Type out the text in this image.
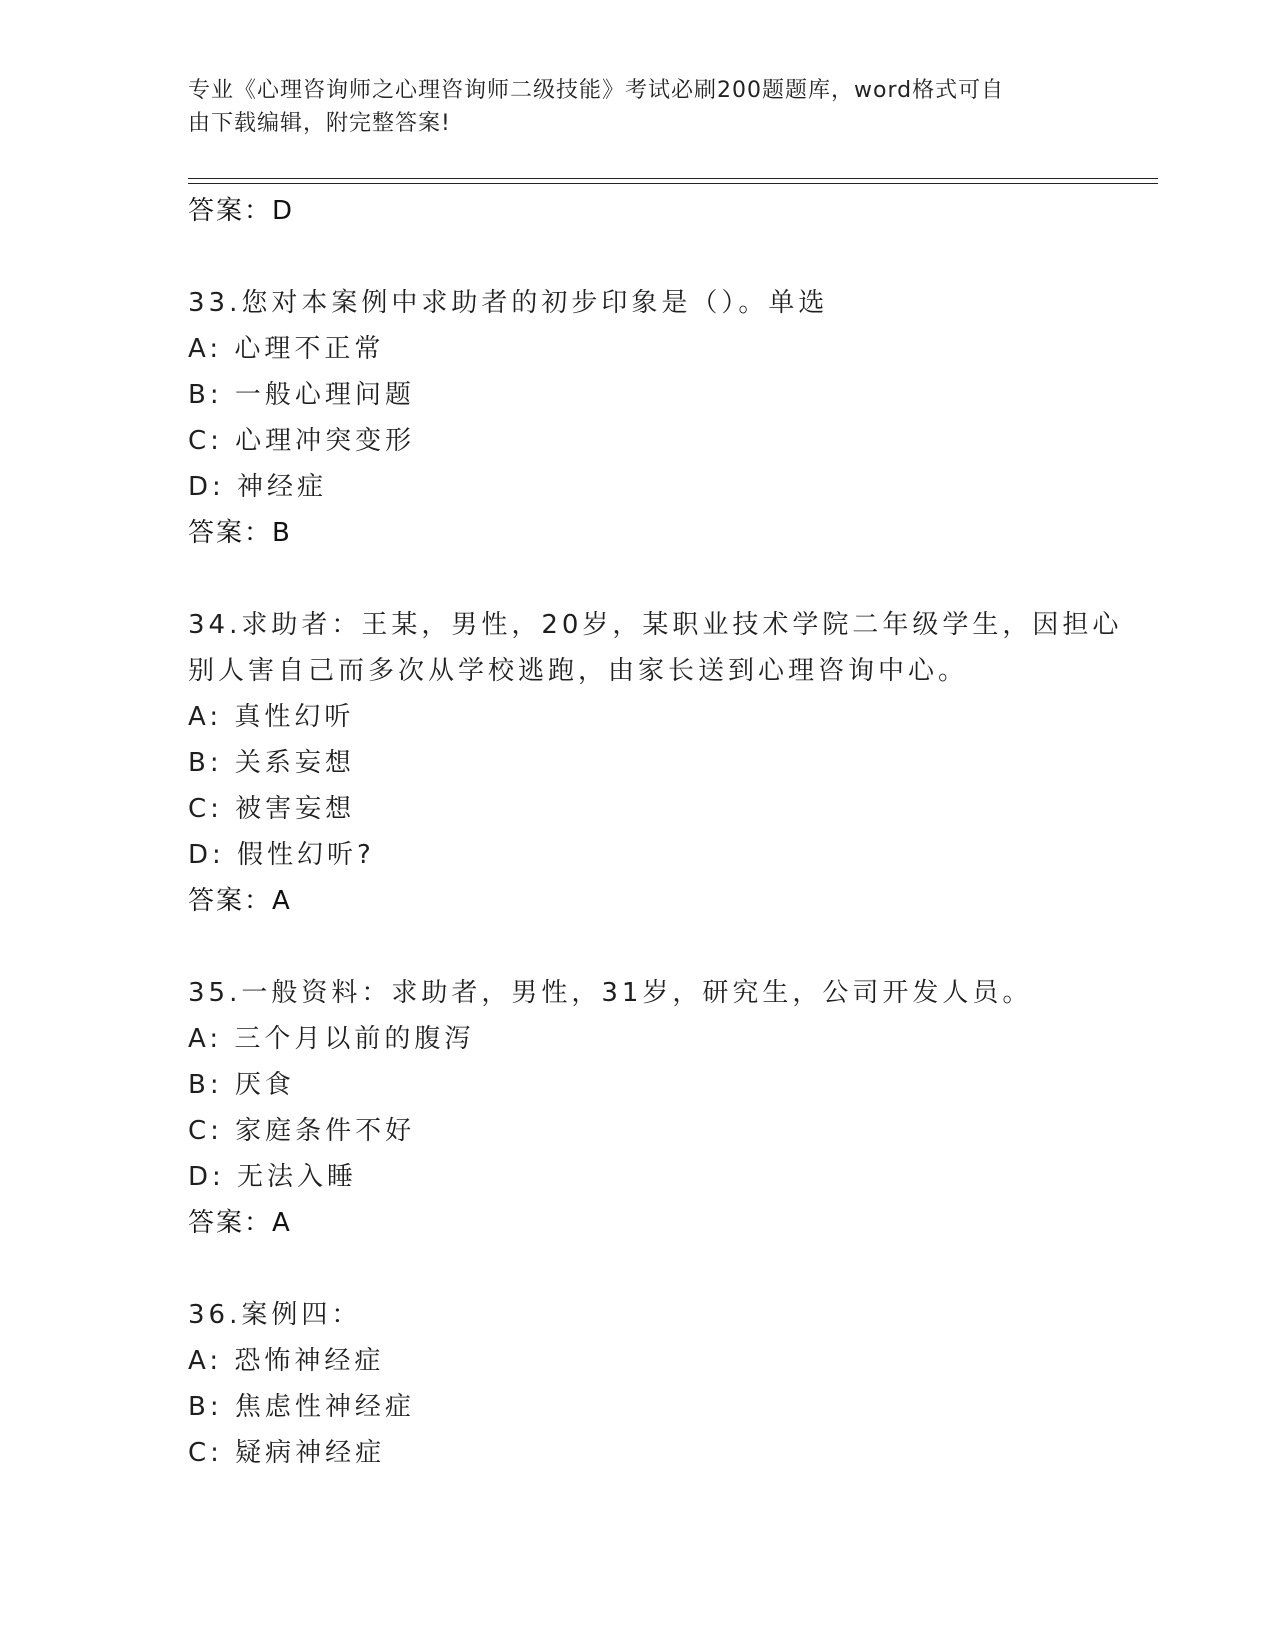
专业《心理咨询师之心理咨询师二级技能》考试必刷200题题库，word格式可自
由下载编辑，附完整答案!
答案：D
33.您对本案例中求助者的初步印象是（）。单选
A: 心理不正常
B: 一般心理问题
C: 心理冲突变形
D: 神经症
答案：B
34.求助者：王某，男性，20岁，某职业技术学院二年级学生，因担心
别人害自己而多次从学校逃跑，由家长送到心理咨询中心。
A: 真性幻听
B: 关系妄想
C: 被害妄想
D: 假性幻听?
答案：A
35.一般资料：求助者，男性，31岁，研究生，公司开发人员。
A: 三个月以前的腹泻
B: 厌食
C: 家庭条件不好
D: 无法入睡
答案：A
36.案例四：
A: 恐怖神经症
B: 焦虑性神经症
C: 疑病神经症
